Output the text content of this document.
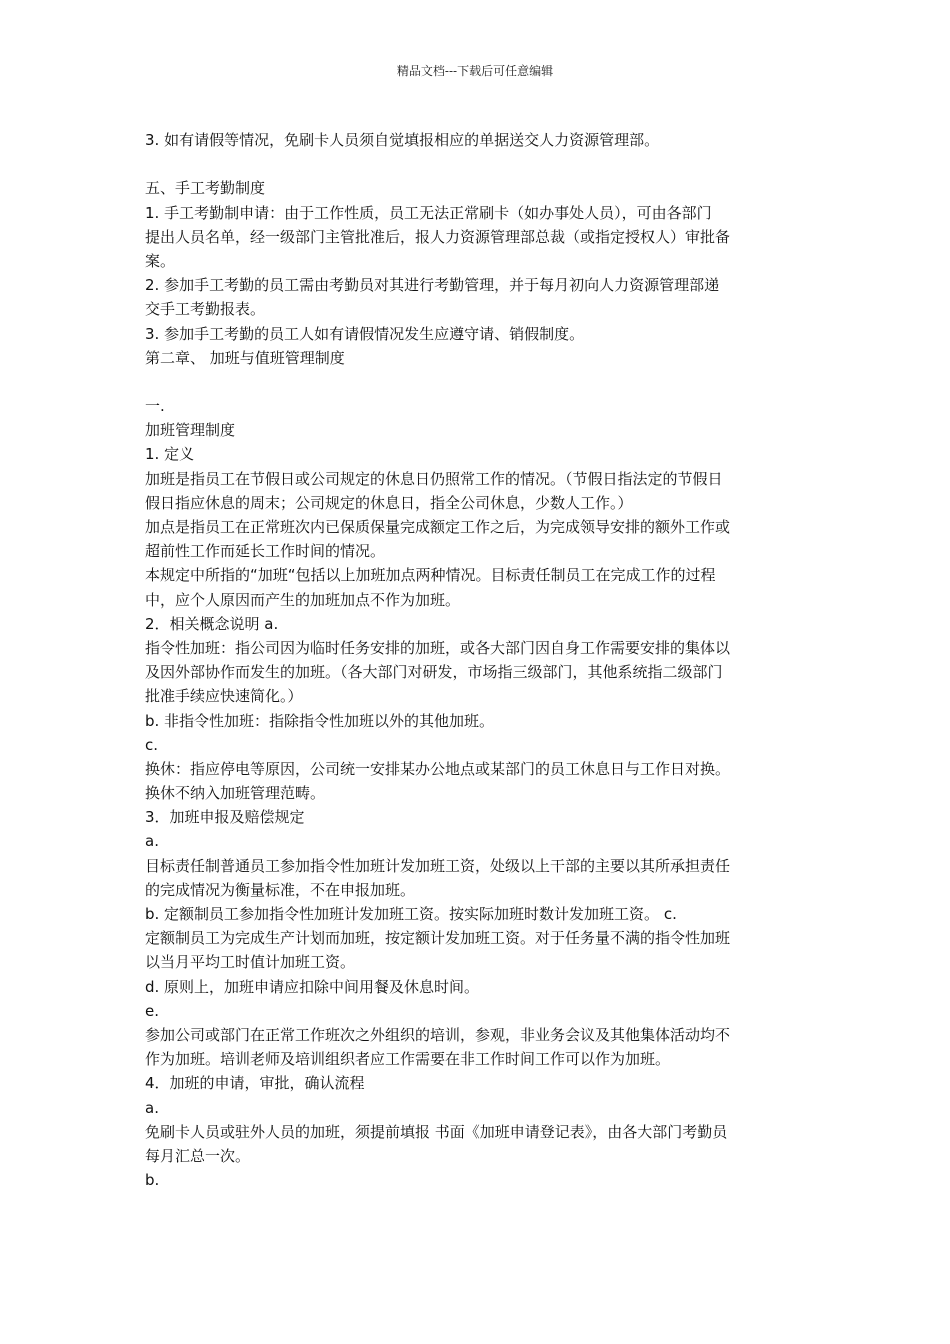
精品文档---下载后可任意编辑
3. 如有请假等情况，免刷卡人员须自觉填报相应的单据送交人力资源管理部。
五、手工考勤制度
1. 手工考勤制申请：由于工作性质，员工无法正常刷卡（如办事处人员），可由各部门
提出人员名单，经一级部门主管批准后，报人力资源管理部总裁（或指定授权人）审批备
案。
2. 参加手工考勤的员工需由考勤员对其进行考勤管理，并于每月初向人力资源管理部递
交手工考勤报表。
3. 参加手工考勤的员工人如有请假情况发生应遵守请、销假制度。
第二章、 加班与值班管理制度
一.
加班管理制度
1. 定义
加班是指员工在节假日或公司规定的休息日仍照常工作的情况。（节假日指法定的节假日
假日指应休息的周末；公司规定的休息日，指全公司休息，少数人工作。）
加点是指员工在正常班次内已保质保量完成额定工作之后，为完成领导安排的额外工作或
超前性工作而延长工作时间的情况。
本规定中所指的“加班“包括以上加班加点两种情况。目标责任制员工在完成工作的过程
中，应个人原因而产生的加班加点不作为加班。
2．相关概念说明 a.
指令性加班：指公司因为临时任务安排的加班，或各大部门因自身工作需要安排的集体以
及因外部协作而发生的加班。（各大部门对研发，市场指三级部门，其他系统指二级部门
批准手续应快速简化。）
b. 非指令性加班：指除指令性加班以外的其他加班。
c.
换休：指应停电等原因，公司统一安排某办公地点或某部门的员工休息日与工作日对换。
换休不纳入加班管理范畴。
3．加班申报及赔偿规定
a.
目标责任制普通员工参加指令性加班计发加班工资，处级以上干部的主要以其所承担责任
的完成情况为衡量标准，不在申报加班。
b. 定额制员工参加指令性加班计发加班工资。按实际加班时数计发加班工资。 c.
定额制员工为完成生产计划而加班，按定额计发加班工资。对于任务量不满的指令性加班
以当月平均工时值计加班工资。
d. 原则上，加班申请应扣除中间用餐及休息时间。
e.
参加公司或部门在正常工作班次之外组织的培训，参观，非业务会议及其他集体活动均不
作为加班。培训老师及培训组织者应工作需要在非工作时间工作可以作为加班。
4．加班的申请，审批，确认流程
a.
免刷卡人员或驻外人员的加班，须提前填报 书面《加班申请登记表》，由各大部门考勤员
每月汇总一次。
b.
